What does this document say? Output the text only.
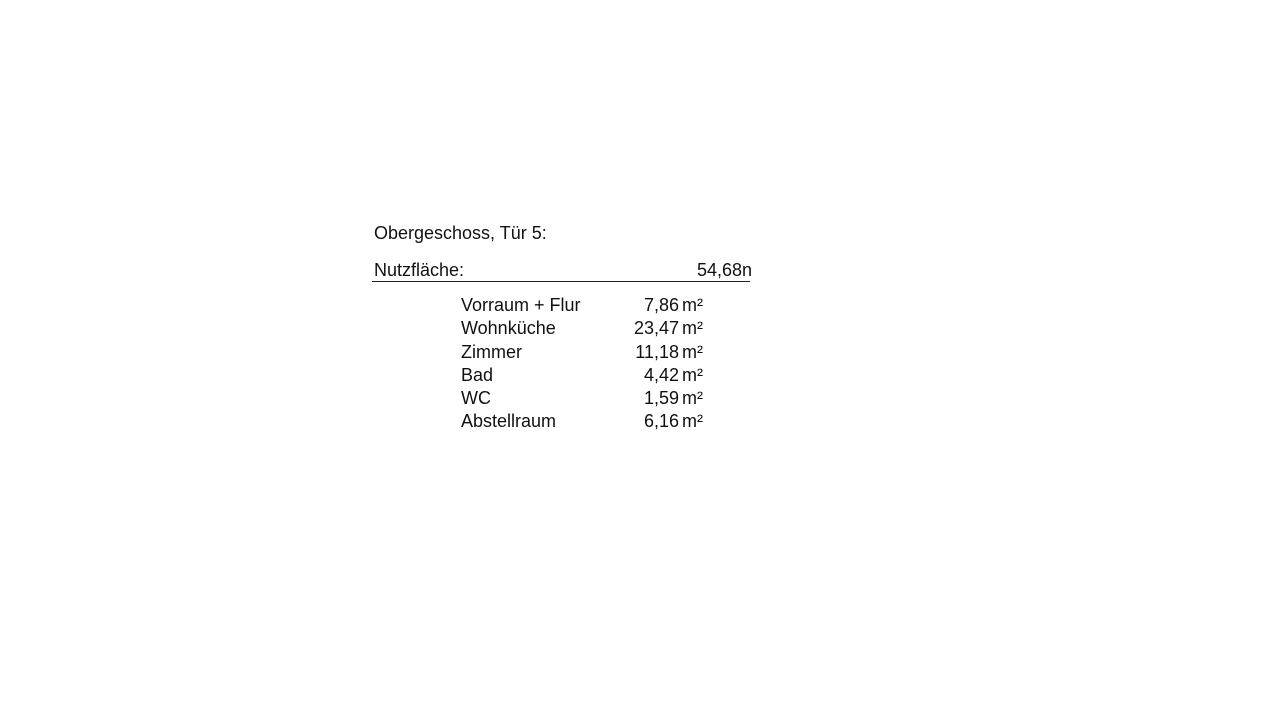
Obergeschoss, Tür 5:
Nutzfläche:	54,68n
Vorraum + Flur	7,86 m²
Wohnküche	23,47 m²
Zimmer	11,18 m²
Bad	4,42 m²
WC	1,59 m²
Abstellraum	6,16 m²
